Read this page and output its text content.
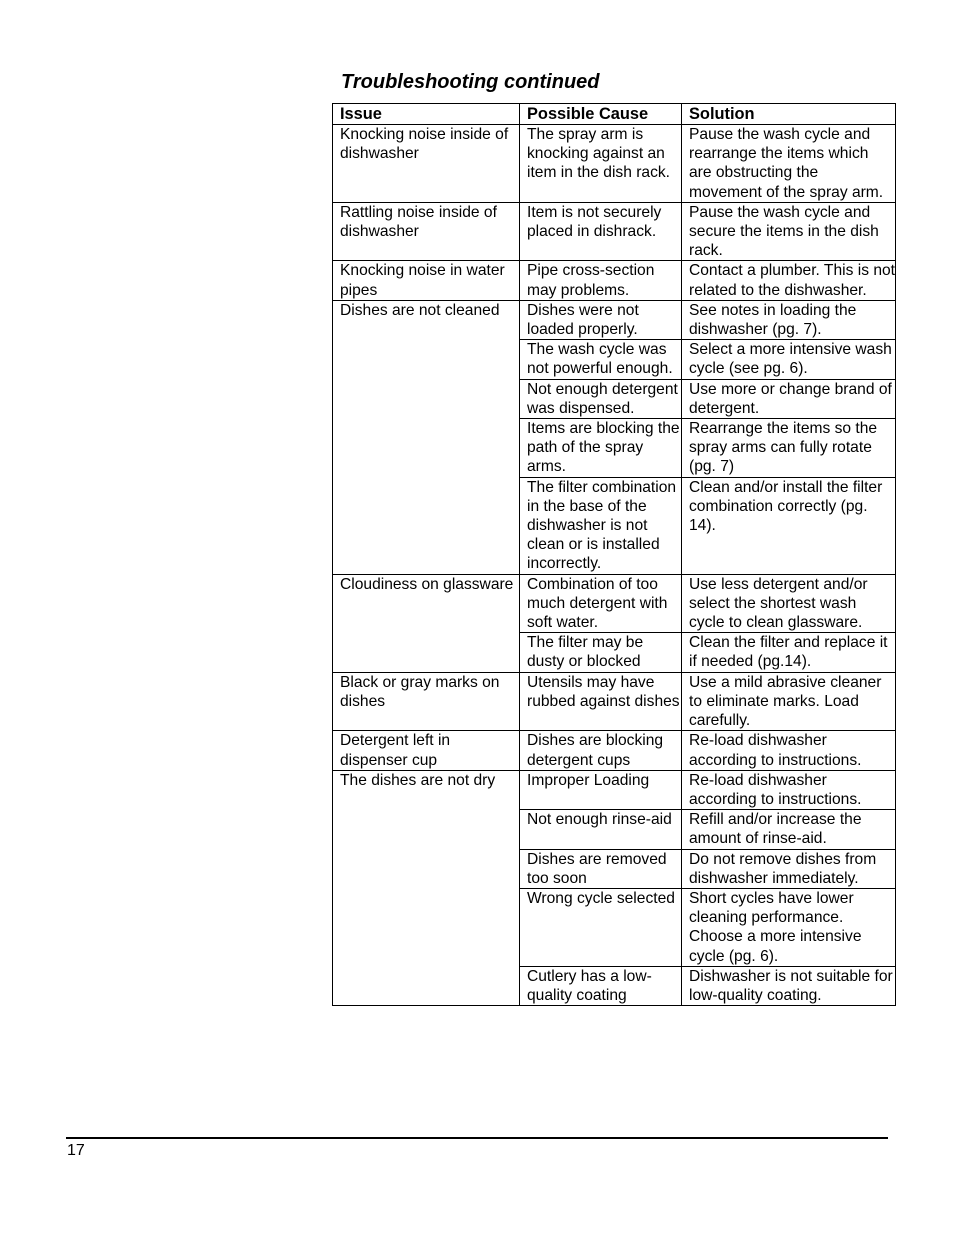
Troubleshooting continued
Issue	Possible Cause	Solution
Knocking noise inside of dishwasher	The spray arm is knocking against an item in the dish rack.	Pause the wash cycle and rearrange the items which are obstructing the movement of the spray arm.
Rattling noise inside of dishwasher	Item is not securely placed in dishrack.	Pause the wash cycle and secure the items in the dish rack.
Knocking noise in water pipes	Pipe cross-section may problems.	Contact a plumber. This is not related to the dishwasher.
Dishes are not cleaned	Dishes were not loaded properly.	See notes in loading the dishwasher (pg. 7).
	The wash cycle was not powerful enough.	Select a more intensive wash cycle (see pg. 6).
	Not enough detergent was dispensed.	Use more or change brand of detergent.
	Items are blocking the path of the spray arms.	Rearrange the items so the spray arms can fully rotate (pg. 7)
	The filter combination in the base of the dishwasher is not clean or is installed incorrectly.	Clean and/or install the filter combination correctly (pg. 14).
Cloudiness on glassware	Combination of too much detergent with soft water.	Use less detergent and/or select the shortest wash cycle to clean glassware.
	The filter may be dusty or blocked	Clean the filter and replace it if needed (pg.14).
Black or gray marks on dishes	Utensils may have rubbed against dishes	Use a mild abrasive cleaner to eliminate marks. Load carefully.
Detergent left in dispenser cup	Dishes are blocking detergent cups	Re-load dishwasher according to instructions.
The dishes are not dry	Improper Loading	Re-load dishwasher according to instructions.
	Not enough rinse-aid	Refill and/or increase the amount of rinse-aid.
	Dishes are removed too soon	Do not remove dishes from dishwasher immediately.
	Wrong cycle selected	Short cycles have lower cleaning performance. Choose a more intensive cycle (pg. 6).
	Cutlery has a low-quality coating	Dishwasher is not suitable for low-quality coating.
17
